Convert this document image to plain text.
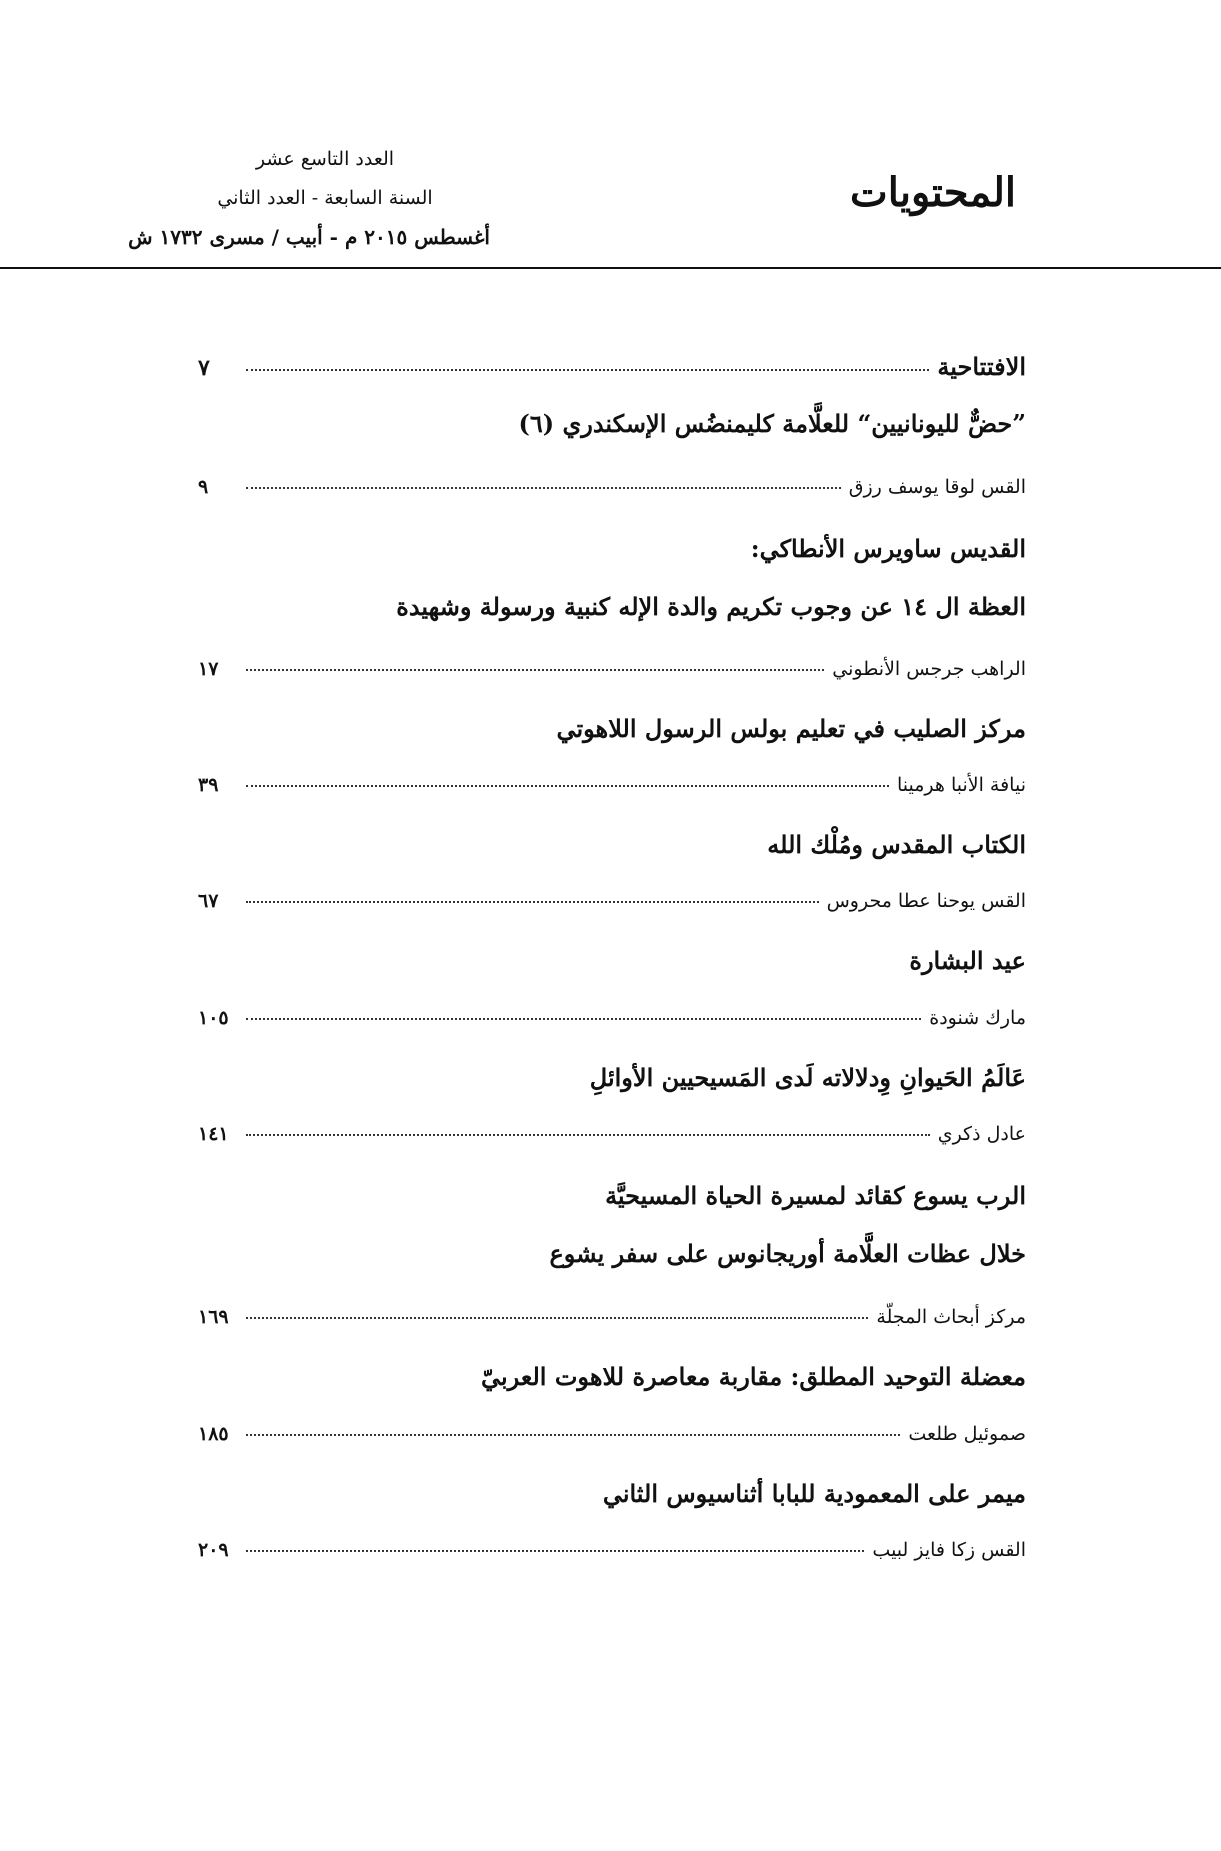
المحتويات
العدد التاسع عشر
السنة السابعة - العدد الثاني
أغسطس ٢٠١٥ م - أبيب / مسرى ١٧٣٢ ش
الافتتاحية
٧
”حضٌّ لليونانيين“ للعلَّامة كليمنضُس الإسكندري (٦)
القس لوقا يوسف رزق
٩
القديس ساويرس الأنطاكي:
العظة ال ١٤ عن وجوب تكريم والدة الإله كنبية ورسولة وشهيدة
الراهب جرجس الأنطوني
١٧
مركز الصليب في تعليم بولس الرسول اللاهوتي
نيافة الأنبا هرمينا
٣٩
الكتاب المقدس ومُلْك الله
القس يوحنا عطا محروس
٦٧
عيد البشارة
مارك شنودة
١٠٥
عَالَمُ الحَيوانِ وِدلالاته لَدى المَسيحيين الأوائلِ
عادل ذكري
١٤١
الرب يسوع كقائد لمسيرة الحياة المسيحيَّة
خلال عظات العلَّامة أوريجانوس على سفر يشوع
مركز أبحاث المجلّة
١٦٩
معضلة التوحيد المطلق: مقاربة معاصرة للاهوت العربيّ
صموئيل طلعت
١٨٥
ميمر على المعمودية للبابا أثناسيوس الثاني
القس زكا فايز لبيب
٢٠٩
